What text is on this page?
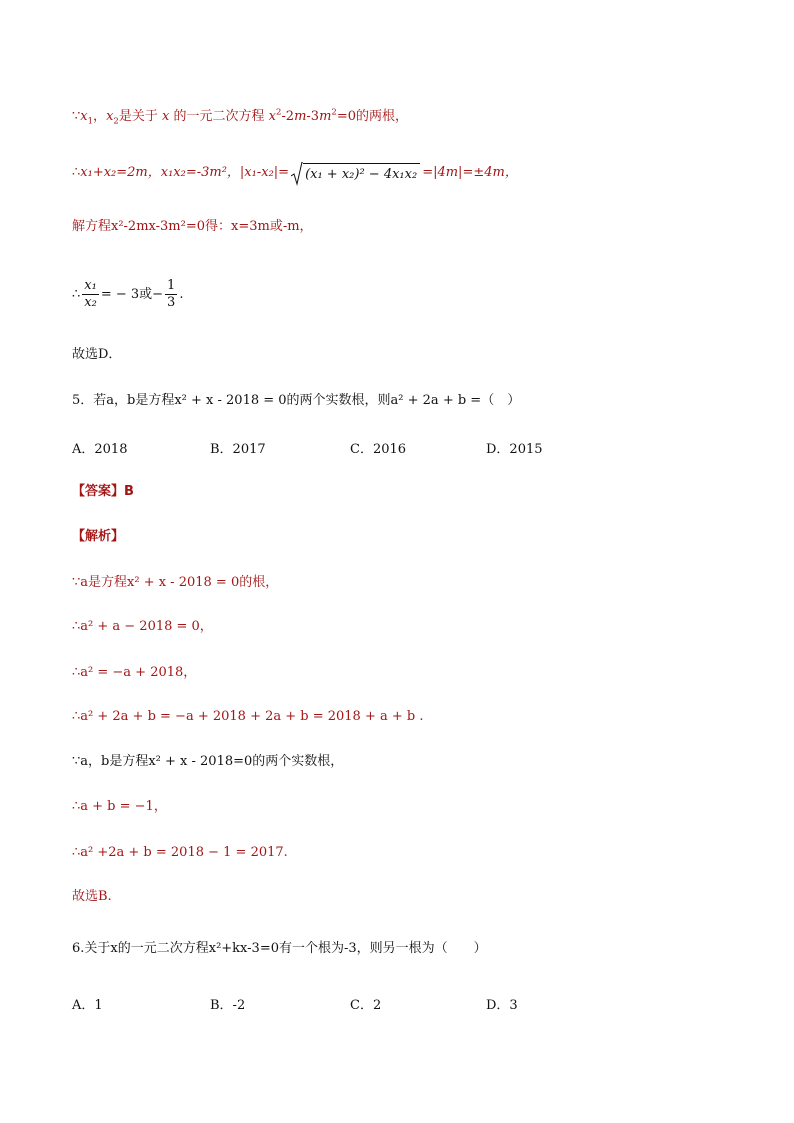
$\because x_1$，$x_2$是关于 x 的一元二次方程 $x^2-2m-3m^2=0$的两根，
∴ x₁+x₂=2m，x₁x₂=-3m²，|x₁-x₂|= (x₁ + x₂)² − 4x₁x₂ =|4m|=±4m，
解方程x²-2mx-3m²=0得：x=3m或-m，
∴ $\frac{\text{x₁}}{\text{x₂}}$ = − 3或− $\frac{1}{3}$ .
故选D．
5．若a，b是方程x² + x - 2018 = 0的两个实数根，则a² + 2a + b =（　）
A．2018	B．2017	C．2016	D．2015
【答案】B
【解析】
∵a是方程x² + x - 2018 = 0的根，
∴a² + a − 2018 = 0，
∴a² = −a + 2018，
∴a² + 2a + b = −a + 2018 + 2a + b = 2018 + a + b .
∵a，b是方程x² + x - 2018=0的两个实数根，
∴a + b = −1，
∴a² +2a + b = 2018 − 1 = 2017.
故选B.
6.关于x的一元二次方程x²+kx-3=0有一个根为-3，则另一根为（　　）
A．1	B．-2	C．2	D．3
